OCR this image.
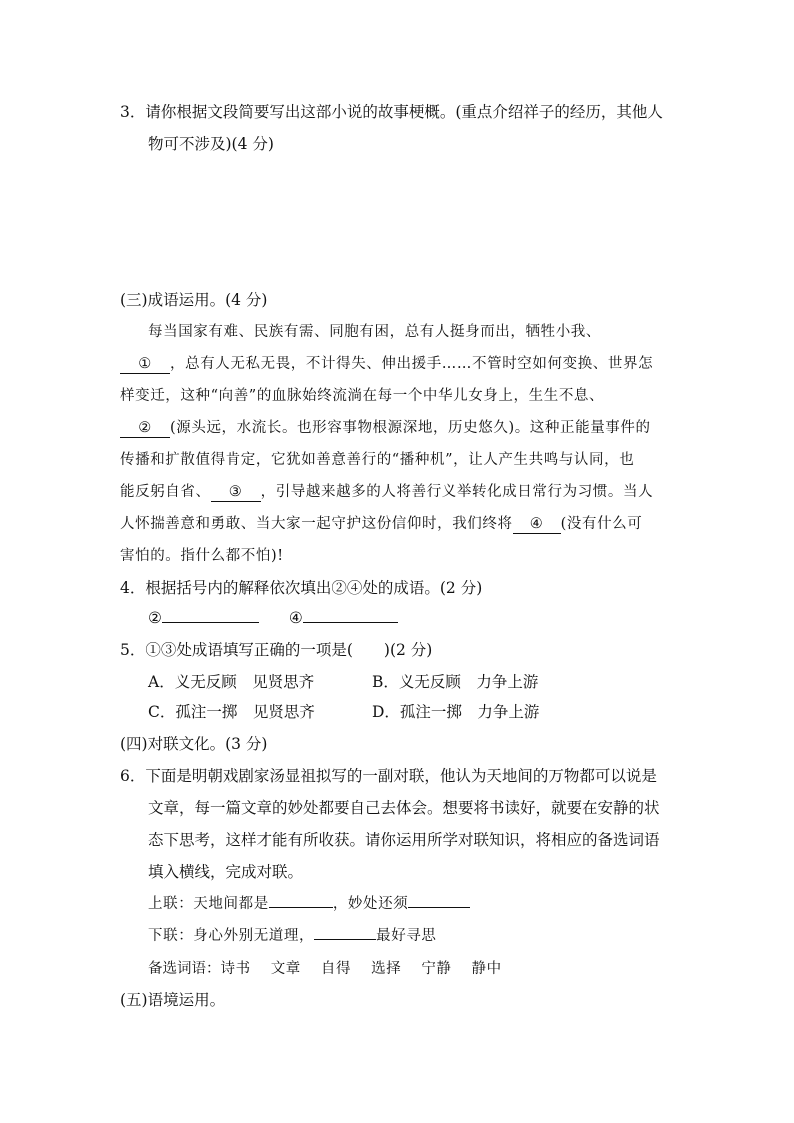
3．请你根据文段简要写出这部小说的故事梗概。(重点介绍祥子的经历，其他人
物可不涉及)(4 分)
(三)成语运用。(4 分)
每当国家有难、民族有需、同胞有困，总有人挺身而出，牺牲小我、
① ，总有人无私无畏，不计得失、伸出援手……不管时空如何变换、世界怎
样变迁，这种“向善”的血脉始终流淌在每一个中华儿女身上，生生不息、
② (源头远，水流长。也形容事物根源深地，历史悠久)。这种正能量事件的
传播和扩散值得肯定，它犹如善意善行的“播种机”，让人产生共鸣与认同，也
能反躬自省、 ③ ，引导越来越多的人将善行义举转化成日常行为习惯。当人
人怀揣善意和勇敢、当大家一起守护这份信仰时，我们终将 ④ (没有什么可
害怕的。指什么都不怕)!
4．根据括号内的解释依次填出②④处的成语。(2 分)
②	④
5．①③处成语填写正确的一项是(　　)(2 分)
A．义无反顾　见贤思齐	B．义无反顾　力争上游
C．孤注一掷　见贤思齐	D．孤注一掷　力争上游
(四)对联文化。(3 分)
6．下面是明朝戏剧家汤显祖拟写的一副对联，他认为天地间的万物都可以说是
文章，每一篇文章的妙处都要自己去体会。想要将书读好，就要在安静的状
态下思考，这样才能有所收获。请你运用所学对联知识，将相应的备选词语
填入横线，完成对联。
上联：天地间都是	，妙处还须
下联：身心外别无道理，	最好寻思
备选词语：诗书 文章 自得 选择 宁静 静中
(五)语境运用。
